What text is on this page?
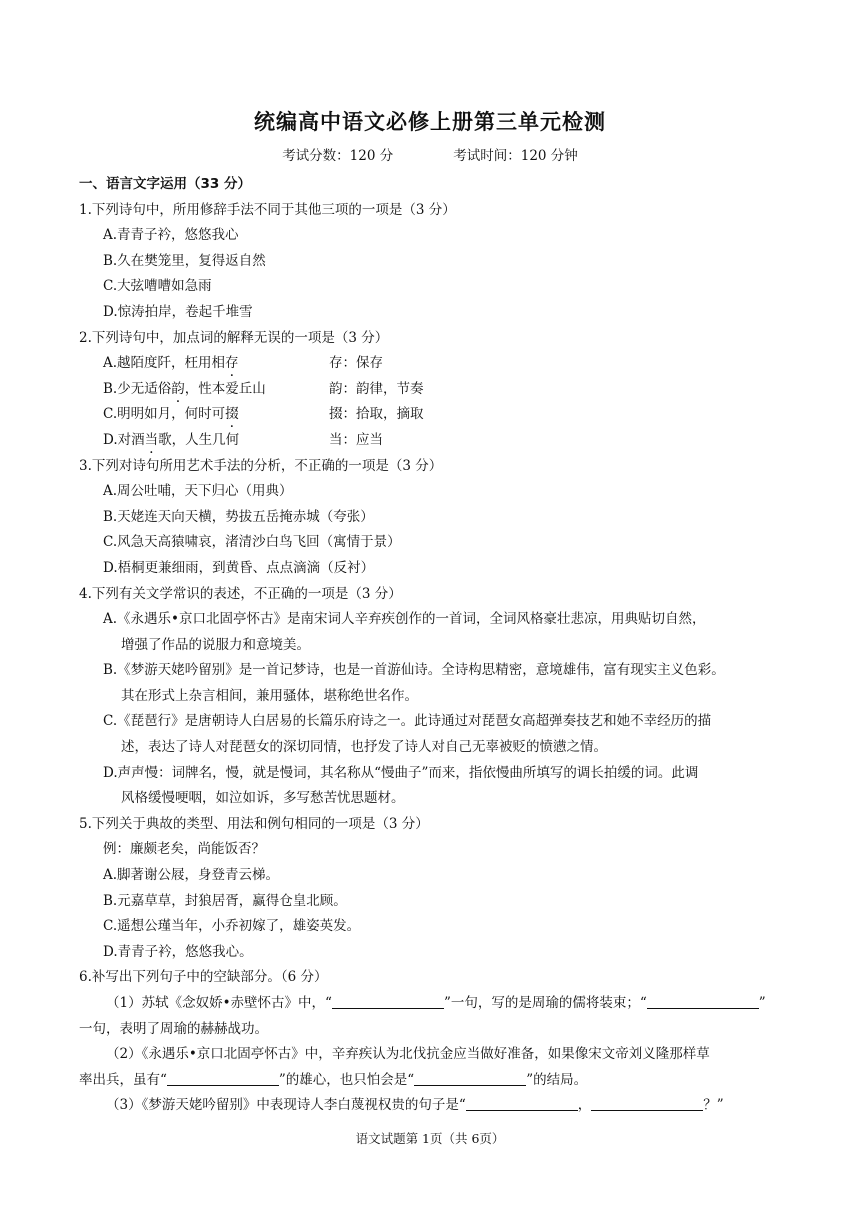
统编高中语文必修上册第三单元检测
考试分数：120 分	考试时间：120 分钟
一、语言文字运用（33 分）
1.下列诗句中，所用修辞手法不同于其他三项的一项是（3 分）
A.青青子衿，悠悠我心
B.久在樊笼里，复得返自然
C.大弦嘈嘈如急雨
D.惊涛拍岸，卷起千堆雪
2.下列诗句中，加点词的解释无误的一项是（3 分）
A.越陌度阡，枉用相存	存：保存
B.少无适俗韵，性本爱丘山	韵：韵律，节奏
C.明明如月，何时可掇	掇：拾取，摘取
D.对酒当歌，人生几何	当：应当
3.下列对诗句所用艺术手法的分析，不正确的一项是（3 分）
A.周公吐哺，天下归心（用典）
B.天姥连天向天横，势拔五岳掩赤城（夸张）
C.风急天高猿啸哀，渚清沙白鸟飞回（寓情于景）
D.梧桐更兼细雨，到黄昏、点点滴滴（反衬）
4.下列有关文学常识的表述，不正确的一项是（3 分）
A.《永遇乐•京口北固亭怀古》是南宋词人辛弃疾创作的一首词，全词风格豪壮悲凉，用典贴切自然，
增强了作品的说服力和意境美。
B.《梦游天姥吟留别》是一首记梦诗，也是一首游仙诗。全诗构思精密，意境雄伟，富有现实主义色彩。
其在形式上杂言相间，兼用骚体，堪称绝世名作。
C.《琵琶行》是唐朝诗人白居易的长篇乐府诗之一。此诗通过对琵琶女高超弹奏技艺和她不幸经历的描
述，表达了诗人对琵琶女的深切同情，也抒发了诗人对自己无辜被贬的愤懑之情。
D.声声慢：词牌名，慢，就是慢词，其名称从“慢曲子”而来，指依慢曲所填写的调长拍缓的词。此调
风格缓慢哽咽，如泣如诉，多写愁苦忧思题材。
5.下列关于典故的类型、用法和例句相同的一项是（3 分）
例：廉颇老矣，尚能饭否？
A.脚著谢公屐，身登青云梯。
B.元嘉草草，封狼居胥，赢得仓皇北顾。
C.遥想公瑾当年，小乔初嫁了，雄姿英发。
D.青青子衿，悠悠我心。
6.补写出下列句子中的空缺部分。（6 分）
（1）苏轼《念奴娇•赤壁怀古》中，“	”一句，写的是周瑜的儒将装束；“	”
一句，表明了周瑜的赫赫战功。
（2）《永遇乐•京口北固亭怀古》中，辛弃疾认为北伐抗金应当做好准备，如果像宋文帝刘义隆那样草
率出兵，虽有“	”的雄心，也只怕会是“	”的结局。
（3）《梦游天姥吟留别》中表现诗人李白蔑视权贵的句子是“	，	？”
语文试题第 1页（共 6页）
